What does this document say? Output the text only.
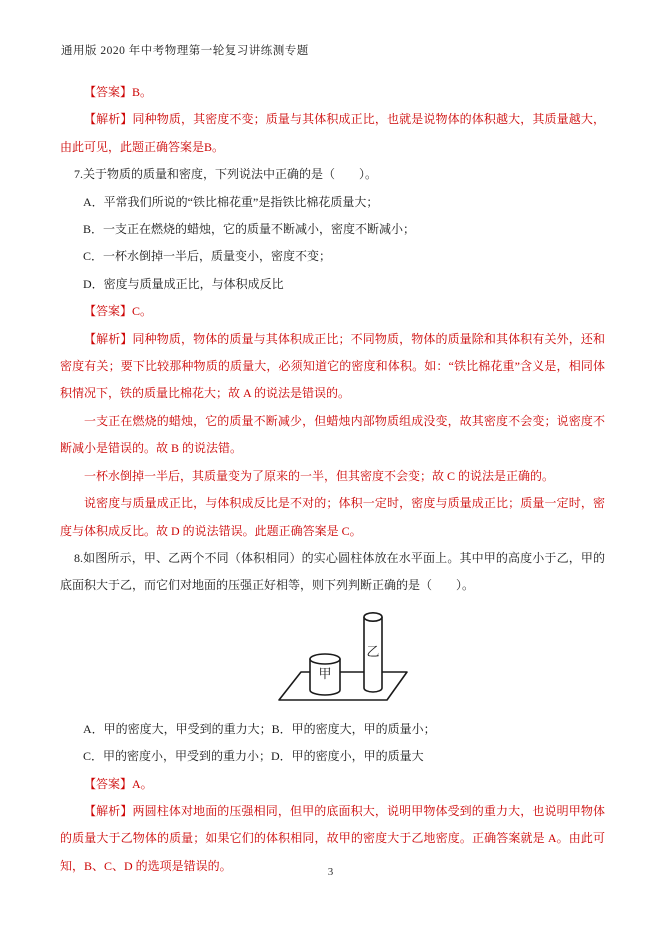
通用版 2020 年中考物理第一轮复习讲练测专题

【答案】B。

【解析】同种物质，其密度不变；质量与其体积成正比，也就是说物体的体积越大，其质量越大，由此可见，此题正确答案是B。

7.关于物质的质量和密度，下列说法中正确的是（　　）。

A．平常我们所说的“铁比棉花重”是指铁比棉花质量大；

B．一支正在燃烧的蜡烛，它的质量不断减小，密度不断减小；

C．一杯水倒掉一半后，质量变小，密度不变；

D．密度与质量成正比，与体积成反比

【答案】C。

【解析】同种物质，物体的质量与其体积成正比；不同物质，物体的质量除和其体积有关外，还和密度有关；要下比较那种物质的质量大，必须知道它的密度和体积。如：“铁比棉花重”含义是，相同体积情况下，铁的质量比棉花大；故 A 的说法是错误的。

一支正在燃烧的蜡烛，它的质量不断减少，但蜡烛内部物质组成没变，故其密度不会变；说密度不断减小是错误的。故 B 的说法错。

一杯水倒掉一半后，其质量变为了原来的一半，但其密度不会变；故 C 的说法是正确的。

说密度与质量成正比，与体积成反比是不对的；体积一定时，密度与质量成正比；质量一定时，密度与体积成反比。故 D 的说法错误。此题正确答案是 C。

8.如图所示，甲、乙两个不同（体积相同）的实心圆柱体放在水平面上。其中甲的高度小于乙，甲的底面积大于乙，而它们对地面的压强正好相等，则下列判断正确的是（　　）。

乙
甲

A．甲的密度大，甲受到的重力大；B．甲的密度大，甲的质量小；

C．甲的密度小，甲受到的重力小；D．甲的密度小，甲的质量大

【答案】A。

【解析】两圆柱体对地面的压强相同，但甲的底面积大，说明甲物体受到的重力大，也说明甲物体的质量大于乙物体的质量；如果它们的体积相同，故甲的密度大于乙地密度。正确答案就是 A。由此可知，B、C、D 的选项是错误的。	3
